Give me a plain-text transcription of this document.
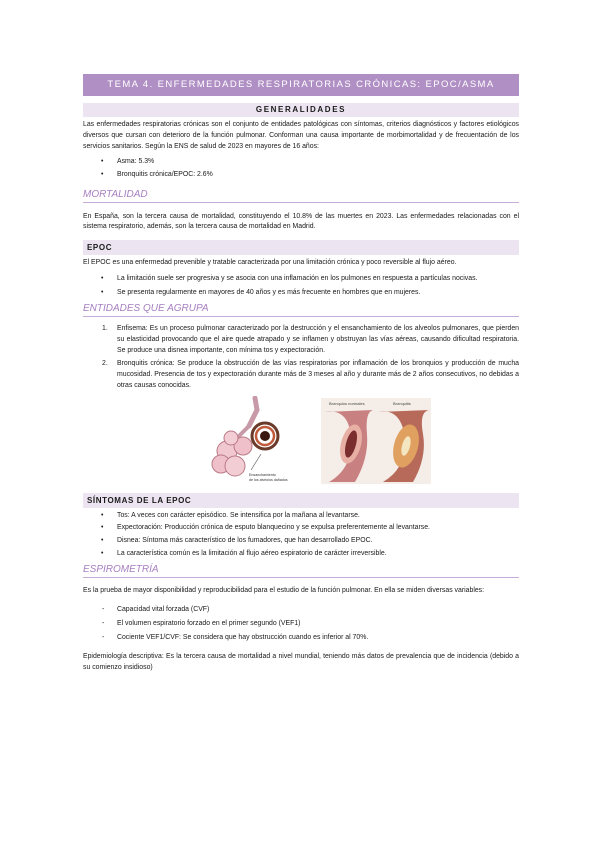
TEMA 4. ENFERMEDADES RESPIRATORIAS CRÓNICAS: EPOC/ASMA
GENERALIDADES

Las enfermedades respiratorias crónicas son el conjunto de entidades patológicas con síntomas, criterios diagnósticos y factores etiológicos diversos que cursan con deterioro de la función pulmonar. Conforman una causa importante de morbimortalidad y de frecuentación de los servicios sanitarios. Según la ENS de salud de 2023 en mayores de 16 años:

• Asma: 5.3%
• Bronquitis crónica/EPOC: 2.6%
MORTALIDAD

En España, son la tercera causa de mortalidad, constituyendo el 10.8% de las muertes en 2023. Las enfermedades relacionadas con el sistema respiratorio, además, son la tercera causa de mortalidad en Madrid.

EPOC

El EPOC es una enfermedad prevenible y tratable caracterizada por una limitación crónica y poco reversible al flujo aéreo.

• La limitación suele ser progresiva y se asocia con una inflamación en los pulmones en respuesta a partículas nocivas.
• Se presenta regularmente en mayores de 40 años y es más frecuente en hombres que en mujeres.
ENTIDADES QUE AGRUPA
1. Enfisema: Es un proceso pulmonar caracterizado por la destrucción y el ensanchamiento de los alveolos pulmonares, que pierden su elasticidad provocando que el aire quede atrapado y se inflamen y obstruyan las vías aéreas, causando dificultad respiratoria. Se produce una disnea importante, con mínima tos y expectoración.
2. Bronquitis crónica: Se produce la obstrucción de las vías respiratorias por inflamación de los bronquios y producción de mucha mucosidad. Presencia de tos y expectoración durante más de 3 meses al año y durante más de 2 años consecutivos, no debidas a otras causas conocidas.
Ensanchamiento
de los alvéolos dañados
Bronquios normales	Bronquitis
SÍNTOMAS DE LA EPOC
• Tos: A veces con carácter episódico. Se intensifica por la mañana al levantarse.
• Expectoración: Producción crónica de esputo blanquecino y se expulsa preferentemente al levantarse.
• Disnea: Síntoma más característico de los fumadores, que han desarrollado EPOC.
• La característica común es la limitación al flujo aéreo espiratorio de carácter irreversible.
ESPIROMETRÍA

Es la prueba de mayor disponibilidad y reproducibilidad para el estudio de la función pulmonar. En ella se miden diversas variables:

- Capacidad vital forzada (CVF)
- El volumen espiratorio forzado en el primer segundo (VEF1)
- Cociente VEF1/CVF: Se considera que hay obstrucción cuando es inferior al 70%.

Epidemiología descriptiva: Es la tercera causa de mortalidad a nivel mundial, teniendo más datos de prevalencia que de incidencia (debido a su comienzo insidioso)
